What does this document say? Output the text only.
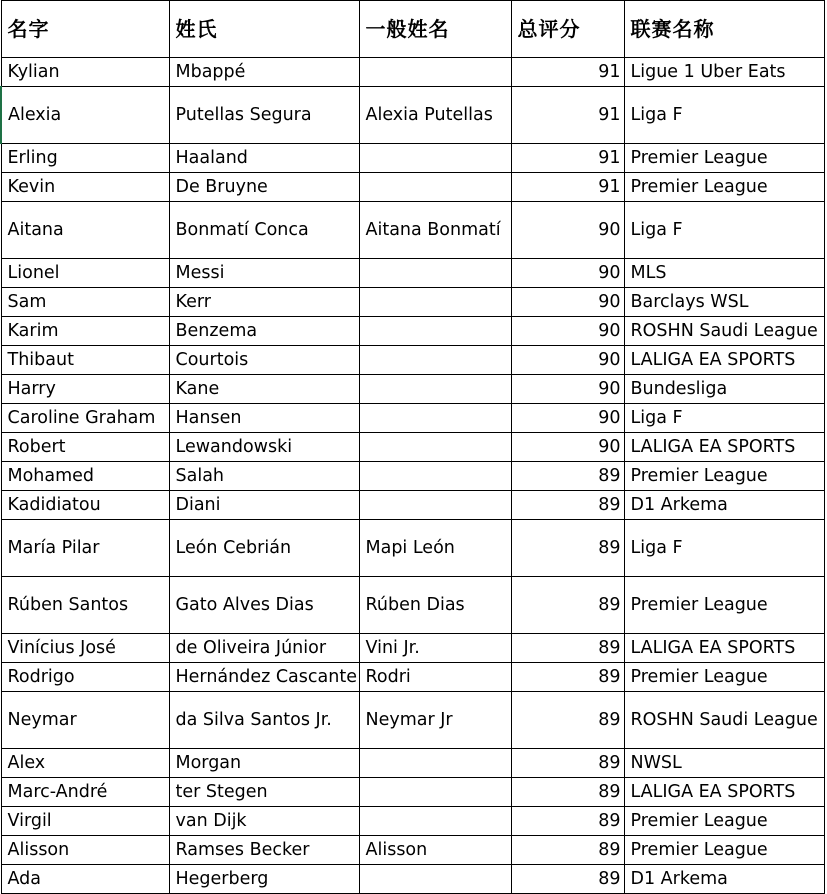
名字	姓氏	一般姓名	总评分	联赛名称
Kylian	Mbappé		91	Ligue 1 Uber Eats
Alexia	Putellas Segura	Alexia Putellas	91	Liga F
Erling	Haaland		91	Premier League
Kevin	De Bruyne		91	Premier League
Aitana	Bonmatí Conca	Aitana Bonmatí	90	Liga F
Lionel	Messi		90	MLS
Sam	Kerr		90	Barclays WSL
Karim	Benzema		90	ROSHN Saudi League
Thibaut	Courtois		90	LALIGA EA SPORTS
Harry	Kane		90	Bundesliga
Caroline Graham	Hansen		90	Liga F
Robert	Lewandowski		90	LALIGA EA SPORTS
Mohamed	Salah		89	Premier League
Kadidiatou	Diani		89	D1 Arkema
María Pilar	León Cebrián	Mapi León	89	Liga F
Rúben Santos	Gato Alves Dias	Rúben Dias	89	Premier League
Vinícius José	de Oliveira Júnior	Vini Jr.	89	LALIGA EA SPORTS
Rodrigo	Hernández Cascante	Rodri	89	Premier League
Neymar	da Silva Santos Jr.	Neymar Jr	89	ROSHN Saudi League
Alex	Morgan		89	NWSL
Marc-André	ter Stegen		89	LALIGA EA SPORTS
Virgil	van Dijk		89	Premier League
Alisson	Ramses Becker	Alisson	89	Premier League
Ada	Hegerberg		89	D1 Arkema
